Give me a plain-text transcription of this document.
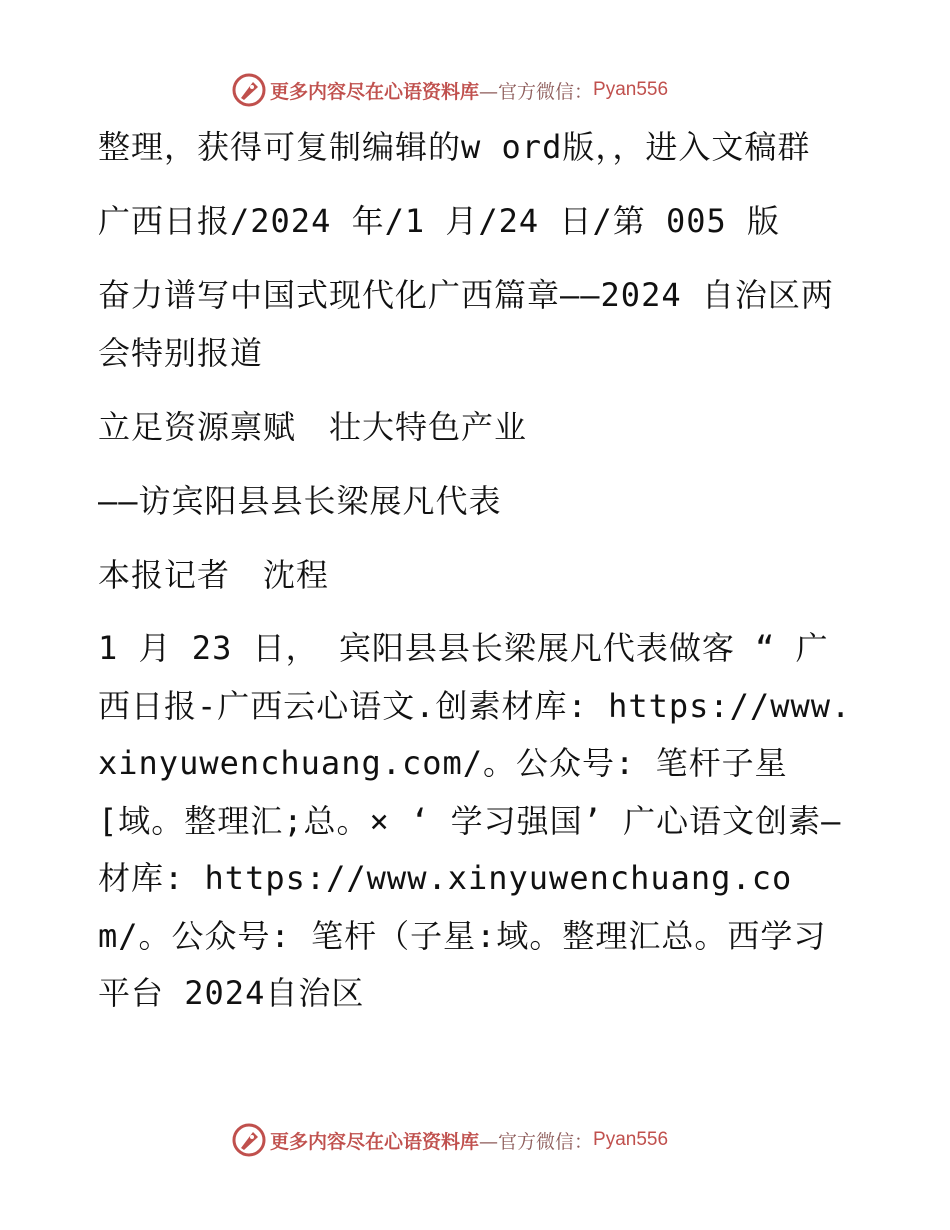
更多内容尽在心语资料库 —官方微信： Pyan556

整理，获得可复制编辑的w ord版，，进入文稿群

广西日报/2024 年/1 月/24 日/第 005 版

奋力谱写中国式现代化广西篇章——2024 自治区两会特别报道

立足资源禀赋　壮大特色产业

——访宾阳县县长梁展凡代表

本报记者　沈程

1 月 23 日， 宾阳县县长梁展凡代表做客 “ 广西日报-广西云心语文.创素材库: https://www.xinyuwenchuang.com/。公众号: 笔杆子星[域。整理汇;总。× ‘ 学习强国’ 广心语文创素—材库: https://www.xinyuwenchuang.com/。公众号: 笔杆（子星:域。整理汇总。西学习平台 2024自治区

更多内容尽在心语资料库 —官方微信： Pyan556
